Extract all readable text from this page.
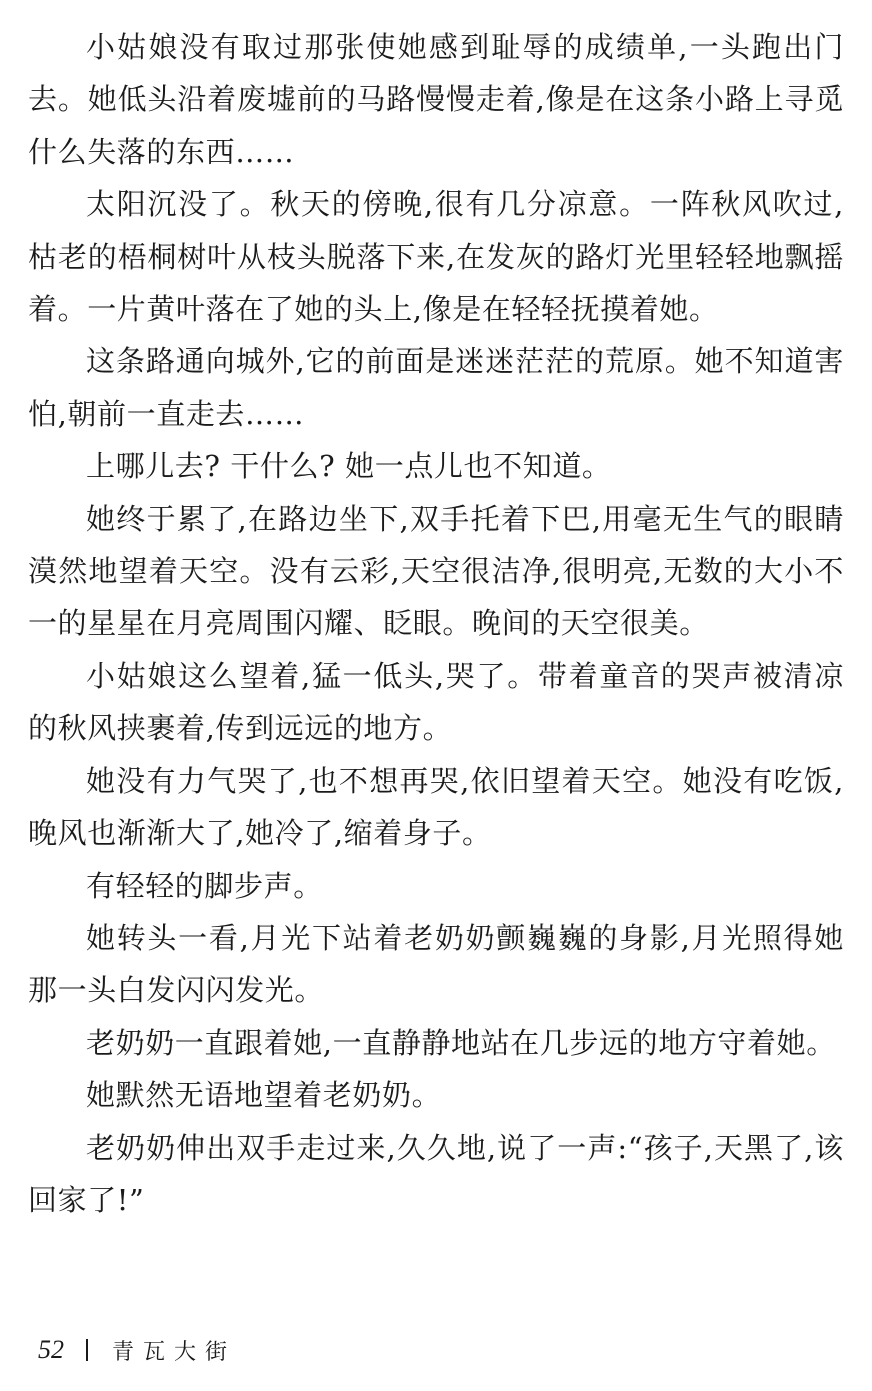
小姑娘没有取过那张使她感到耻辱的成绩单,一头跑出门去。她低头沿着废墟前的马路慢慢走着,像是在这条小路上寻觅什么失落的东西……

太阳沉没了。秋天的傍晚,很有几分凉意。一阵秋风吹过,枯老的梧桐树叶从枝头脱落下来,在发灰的路灯光里轻轻地飘摇着。一片黄叶落在了她的头上,像是在轻轻抚摸着她。

这条路通向城外,它的前面是迷迷茫茫的荒原。她不知道害怕,朝前一直走去……

上哪儿去? 干什么? 她一点儿也不知道。

她终于累了,在路边坐下,双手托着下巴,用毫无生气的眼睛漠然地望着天空。没有云彩,天空很洁净,很明亮,无数的大小不一的星星在月亮周围闪耀、眨眼。晚间的天空很美。

小姑娘这么望着,猛一低头,哭了。带着童音的哭声被清凉的秋风挟裹着,传到远远的地方。

她没有力气哭了,也不想再哭,依旧望着天空。她没有吃饭,晚风也渐渐大了,她冷了,缩着身子。

有轻轻的脚步声。

她转头一看,月光下站着老奶奶颤巍巍的身影,月光照得她那一头白发闪闪发光。

老奶奶一直跟着她,一直静静地站在几步远的地方守着她。

她默然无语地望着老奶奶。

老奶奶伸出双手走过来,久久地,说了一声:“孩子,天黑了,该回家了!”

52 青瓦大街
